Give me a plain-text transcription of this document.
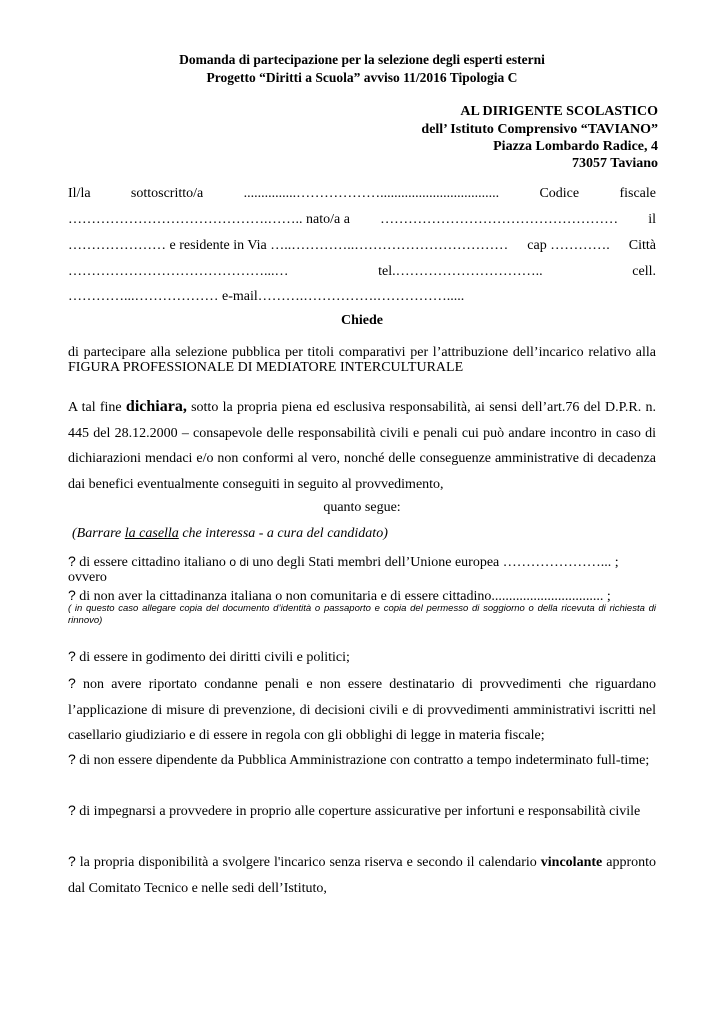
Domanda di partecipazione per la selezione degli esperti esterni
Progetto “Diritti a Scuola” avviso 11/2016 Tipologia C
AL DIRIGENTE SCOLASTICO
dell’ Istituto Comprensivo “TAVIANO”
Piazza Lombardo Radice, 4
73057 Taviano
Il/la	sottoscritto/a	...............………………..................................	Codice	fiscale
…………………………………….…….. nato/a a …………………………………………… il
………………… e residente in Via …..…………..…………………………… cap …………. Città
……………………………………...…	tel.…………………………..	cell.
…………...……………… e-mail……….…………….…………….....
Chiede
di partecipare alla selezione pubblica per titoli comparativi per l’attribuzione dell’incarico relativo alla FIGURA PROFESSIONALE DI MEDIATORE INTERCULTURALE
A tal fine dichiara, sotto la propria piena ed esclusiva responsabilità, ai sensi dell’art.76 del D.P.R. n. 445 del 28.12.2000 – consapevole delle responsabilità civili e penali cui può andare incontro in caso di dichiarazioni mendaci e/o non conformi al vero, nonché delle conseguenze amministrative di decadenza dai benefici eventualmente conseguiti in seguito al provvedimento,
quanto segue:
(Barrare la casella che interessa - a cura del candidato)
? di essere cittadino italiano o di uno degli Stati membri dell’Unione europea …………………... ;
ovvero
? di non aver la cittadinanza italiana o non comunitaria e di essere cittadino................................ ;
( in questo caso allegare copia del documento d’identità o passaporto e copia del permesso di soggiorno o della ricevuta di richiesta di rinnovo)
? di essere in godimento dei diritti civili e politici;
? non avere riportato condanne penali e non essere destinatario di provvedimenti che riguardano l’applicazione di misure di prevenzione, di decisioni civili e di provvedimenti amministrativi iscritti nel casellario giudiziario e di essere in regola con gli obblighi di legge in materia fiscale;
? di non essere dipendente da Pubblica Amministrazione con contratto a tempo indeterminato full-time;
? di impegnarsi a provvedere in proprio alle coperture assicurative per infortuni e responsabilità civile
? la propria disponibilità a svolgere l'incarico senza riserva e secondo il calendario vincolante appronto dal Comitato Tecnico e nelle sedi dell’Istituto,
